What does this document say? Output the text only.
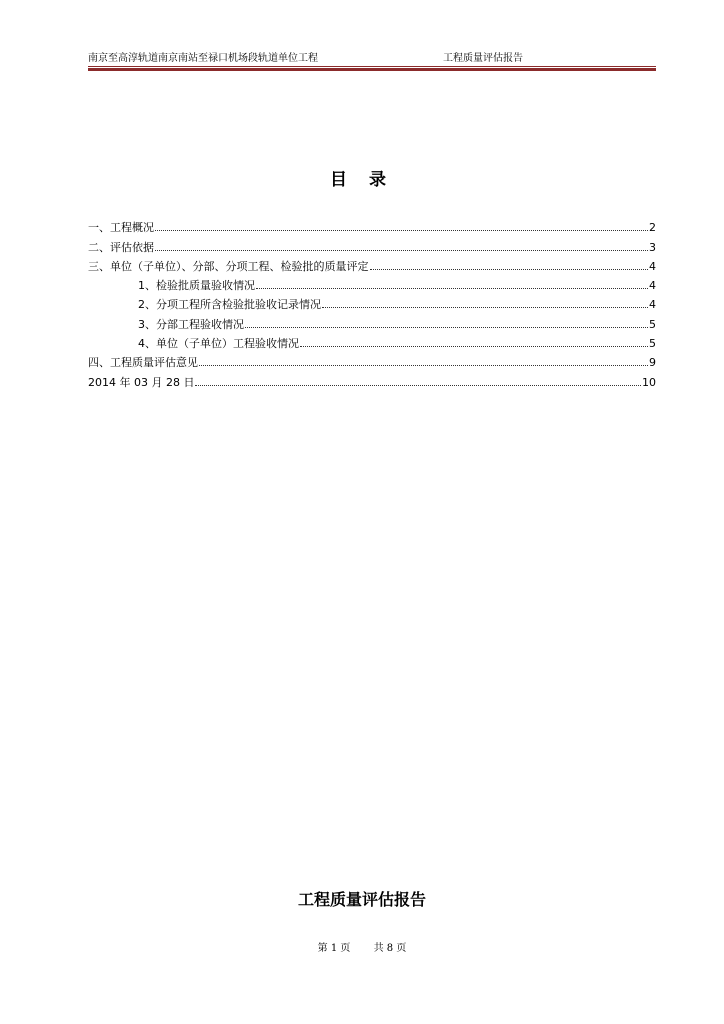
南京至高淳轨道南京南站至禄口机场段轨道单位工程	工程质量评估报告
目 录
一、工程概况	2
二、评估依据	3
三、单位（子单位）、分部、分项工程、检验批的质量评定	4
1、检验批质量验收情况	4
2、分项工程所含检验批验收记录情况	4
3、分部工程验收情况	5
4、单位（子单位）工程验收情况	5
四、工程质量评估意见	9
2014 年 03 月 28 日	10
工程质量评估报告
第 1 页 共 8 页
